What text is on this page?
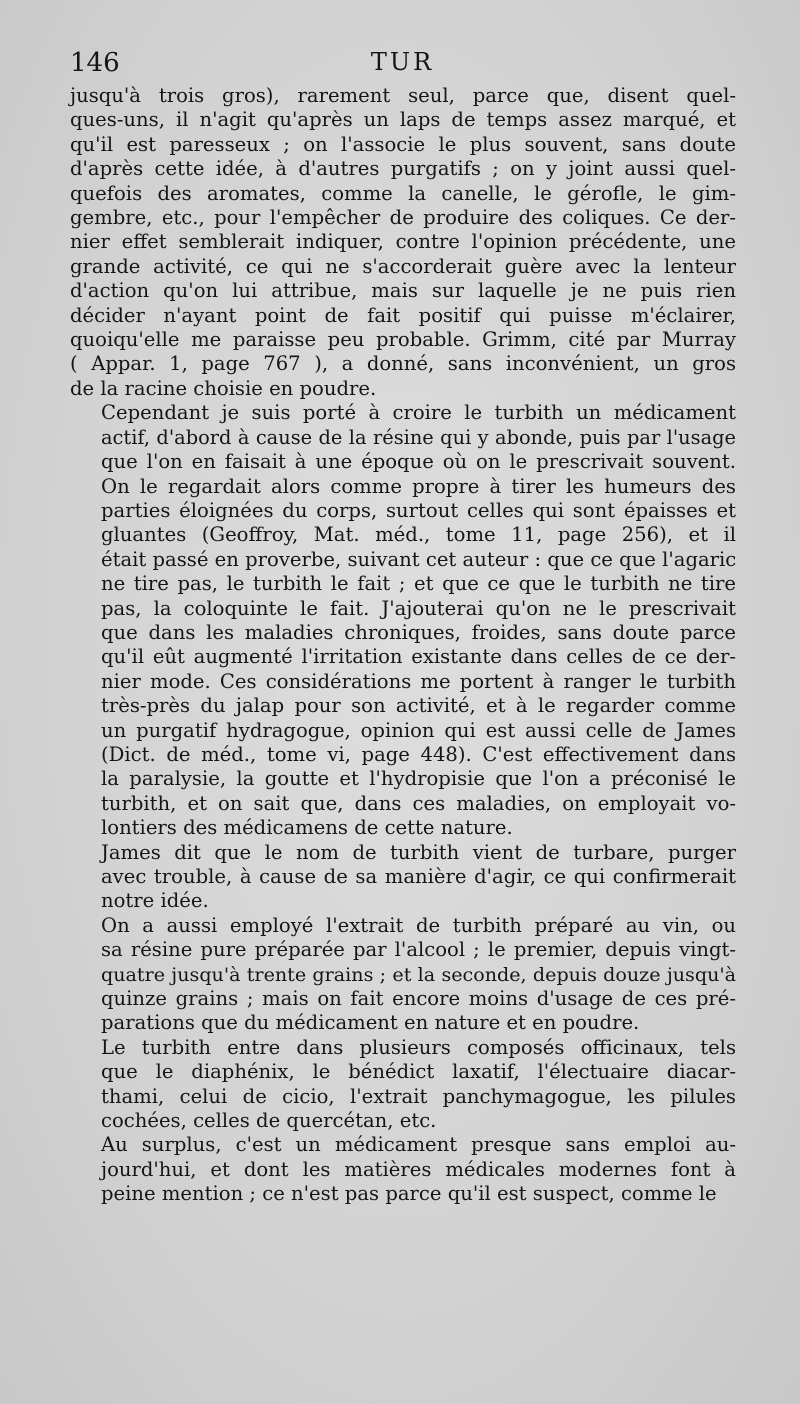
146	TUR
jusqu'à trois gros), rarement seul, parce que, disent quel-
ques-uns, il n'agit qu'après un laps de temps assez marqué, et
qu'il est paresseux ; on l'associe le plus souvent, sans doute
d'après cette idée, à d'autres purgatifs ; on y joint aussi quel-
quefois des aromates, comme la canelle, le gérofle, le gim-
gembre, etc., pour l'empêcher de produire des coliques. Ce der-
nier effet semblerait indiquer, contre l'opinion précédente, une
grande activité, ce qui ne s'accorderait guère avec la lenteur
d'action qu'on lui attribue, mais sur laquelle je ne puis rien
décider n'ayant point de fait positif qui puisse m'éclairer,
quoiqu'elle me paraisse peu probable. Grimm, cité par Murray
( Appar. 1, page 767 ), a donné, sans inconvénient, un gros
de la racine choisie en poudre.
Cependant je suis porté à croire le turbith un médicament
actif, d'abord à cause de la résine qui y abonde, puis par l'usage
que l'on en faisait à une époque où on le prescrivait souvent.
On le regardait alors comme propre à tirer les humeurs des
parties éloignées du corps, surtout celles qui sont épaisses et
gluantes (Geoffroy, Mat. méd., tome 11, page 256), et il
était passé en proverbe, suivant cet auteur : que ce que l'agaric
ne tire pas, le turbith le fait ; et que ce que le turbith ne tire
pas, la coloquinte le fait. J'ajouterai qu'on ne le prescrivait
que dans les maladies chroniques, froides, sans doute parce
qu'il eût augmenté l'irritation existante dans celles de ce der-
nier mode. Ces considérations me portent à ranger le turbith
très-près du jalap pour son activité, et à le regarder comme
un purgatif hydragogue, opinion qui est aussi celle de James
(Dict. de méd., tome vi, page 448). C'est effectivement dans
la paralysie, la goutte et l'hydropisie que l'on a préconisé le
turbith, et on sait que, dans ces maladies, on employait vo-
lontiers des médicamens de cette nature.
James dit que le nom de turbith vient de turbare, purger
avec trouble, à cause de sa manière d'agir, ce qui confirmerait
notre idée.
On a aussi employé l'extrait de turbith préparé au vin, ou
sa résine pure préparée par l'alcool ; le premier, depuis vingt-
quatre jusqu'à trente grains ; et la seconde, depuis douze jusqu'à
quinze grains ; mais on fait encore moins d'usage de ces pré-
parations que du médicament en nature et en poudre.
Le turbith entre dans plusieurs composés officinaux, tels
que le diaphénix, le bénédict laxatif, l'électuaire diacar-
thami, celui de cicio, l'extrait panchymagogue, les pilules
cochées, celles de quercétan, etc.
Au surplus, c'est un médicament presque sans emploi au-
jourd'hui, et dont les matières médicales modernes font à
peine mention ; ce n'est pas parce qu'il est suspect, comme le
